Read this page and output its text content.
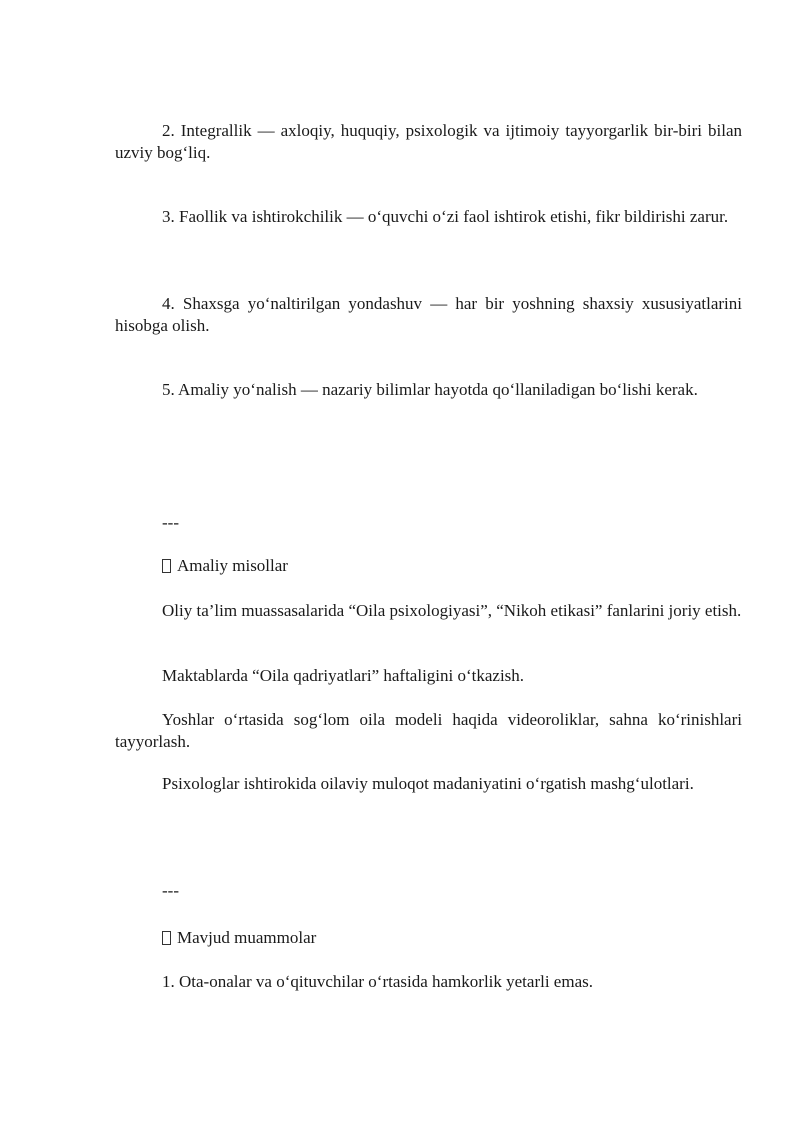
2. Integrallik — axloqiy, huquqiy, psixologik va ijtimoiy tayyorgarlik bir-biri bilan uzviy bog‘liq.

3. Faollik va ishtirokchilik — o‘quvchi o‘zi faol ishtirok etishi, fikr bildirishi zarur.

4. Shaxsga yo‘naltirilgan yondashuv — har bir yoshning shaxsiy xususiyatlarini hisobga olish.

5. Amaliy yo‘nalish — nazariy bilimlar hayotda qo‘llaniladigan bo‘lishi kerak.

---

Amaliy misollar

Oliy ta’lim muassasalarida “Oila psixologiyasi”, “Nikoh etikasi” fanlarini joriy etish.

Maktablarda “Oila qadriyatlari” haftaligini o‘tkazish.

Yoshlar o‘rtasida sog‘lom oila modeli haqida videoroliklar, sahna ko‘rinishlari tayyorlash.

Psixologlar ishtirokida oilaviy muloqot madaniyatini o‘rgatish mashg‘ulotlari.

---

Mavjud muammolar

1. Ota-onalar va o‘qituvchilar o‘rtasida hamkorlik yetarli emas.
